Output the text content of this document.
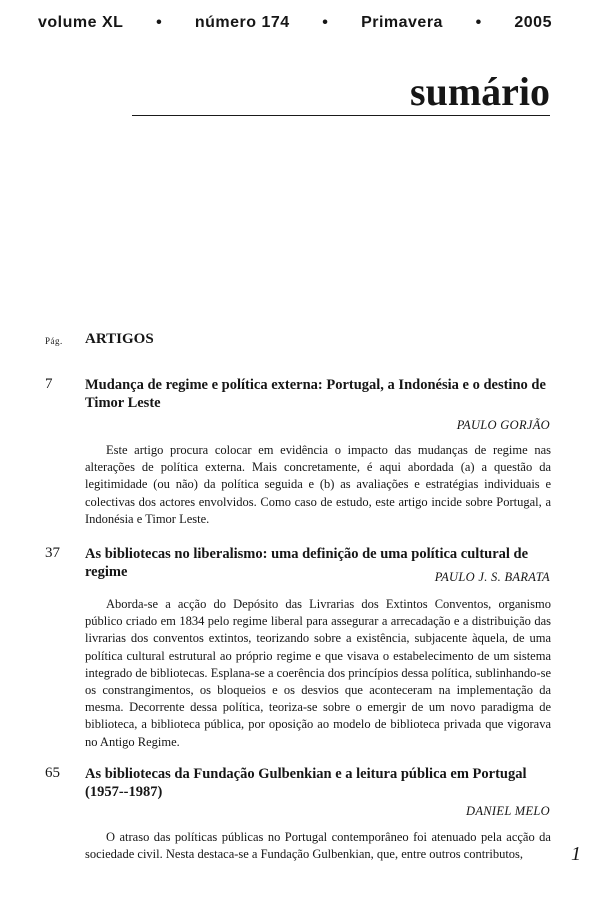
volume XL • número 174 • Primavera • 2005
sumário
Pág. ARTIGOS
7 Mudança de regime e política externa: Portugal, a Indonésia e o destino de Timor Leste
PAULO GORJÃO

Este artigo procura colocar em evidência o impacto das mudanças de regime nas alterações de política externa. Mais concretamente, é aqui abordada (a) a questão da legitimidade (ou não) da política seguida e (b) as avaliações e estratégias individuais e colectivas dos actores envolvidos. Como caso de estudo, este artigo incide sobre Portugal, a Indonésia e Timor Leste.

37 As bibliotecas no liberalismo: uma definição de uma política cultural de regime	PAULO J. S. BARATA

Aborda-se a acção do Depósito das Livrarias dos Extintos Conventos, organismo público criado em 1834 pelo regime liberal para assegurar a arrecadação e a distribuição das livrarias dos conventos extintos, teorizando sobre a existência, subjacente àquela, de uma política cultural estrutural ao próprio regime e que visava o estabelecimento de um sistema integrado de bibliotecas. Esplana-se a coerência dos princípios dessa política, sublinhando-se os constrangimentos, os bloqueios e os desvios que aconteceram na implementação da mesma. Decorrente dessa política, teoriza-se sobre o emergir de um novo paradigma de biblioteca, a biblioteca pública, por oposição ao modelo de biblioteca privada que vigorava no Antigo Regime.

65 As bibliotecas da Fundação Gulbenkian e a leitura pública em Portugal (1957--1987)
DANIEL MELO

O atraso das políticas públicas no Portugal contemporâneo foi atenuado pela acção da sociedade civil. Nesta destaca-se a Fundação Gulbenkian, que, entre outros contributos,	1
